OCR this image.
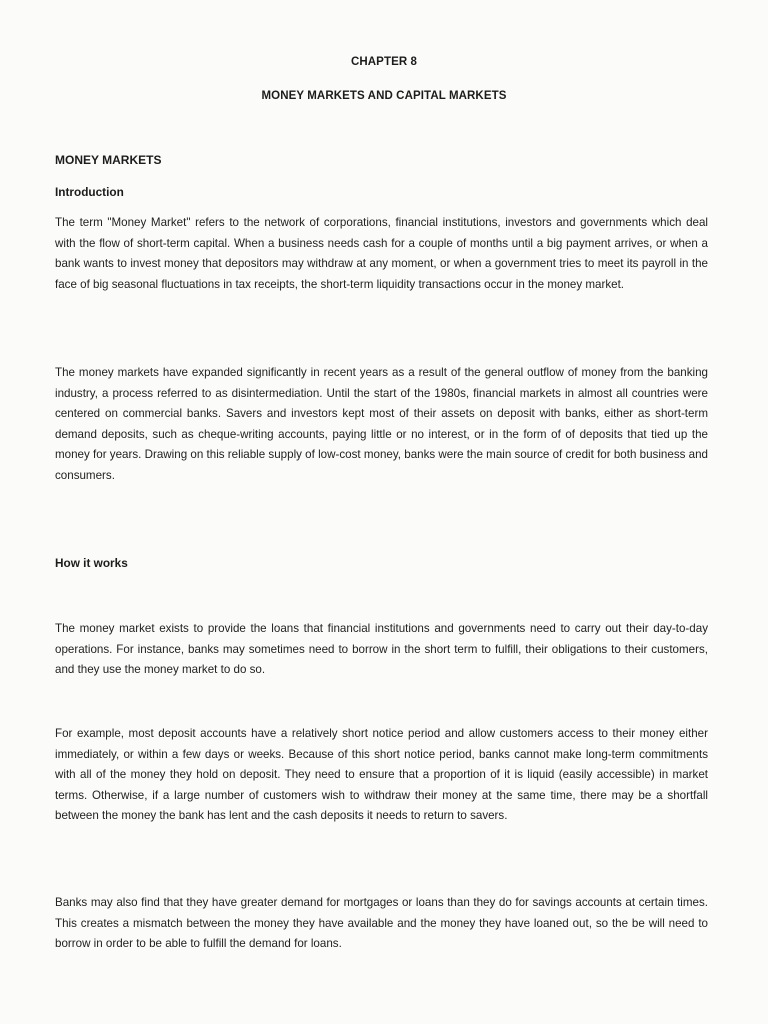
CHAPTER 8

MONEY MARKETS AND CAPITAL MARKETS

MONEY MARKETS

Introduction

The term "Money Market" refers to the network of corporations, financial institutions, investors and governments which deal with the flow of short-term capital. When a business needs cash for a couple of months until a big payment arrives, or when a bank wants to invest money that depositors may withdraw at any moment, or when a government tries to meet its payroll in the face of big seasonal fluctuations in tax receipts, the short-term liquidity transactions occur in the money market.

The money markets have expanded significantly in recent years as a result of the general outflow of money from the banking industry, a process referred to as disintermediation. Until the start of the 1980s, financial markets in almost all countries were centered on commercial banks. Savers and investors kept most of their assets on deposit with banks, either as short-term demand deposits, such as cheque-writing accounts, paying little or no interest, or in the form of of deposits that tied up the money for years. Drawing on this reliable supply of low-cost money, banks were the main source of credit for both business and consumers.

How it works

The money market exists to provide the loans that financial institutions and governments need to carry out their day-to-day operations. For instance, banks may sometimes need to borrow in the short term to fulfill, their obligations to their customers, and they use the money market to do so.

For example, most deposit accounts have a relatively short notice period and allow customers access to their money either immediately, or within a few days or weeks. Because of this short notice period, banks cannot make long-term commitments with all of the money they hold on deposit. They need to ensure that a proportion of it is liquid (easily accessible) in market terms. Otherwise, if a large number of customers wish to withdraw their money at the same time, there may be a shortfall between the money the bank has lent and the cash deposits it needs to return to savers.

Banks may also find that they have greater demand for mortgages or loans than they do for savings accounts at certain times. This creates a mismatch between the money they have available and the money they have loaned out, so the be will need to borrow in order to be able to fulfill the demand for loans.
